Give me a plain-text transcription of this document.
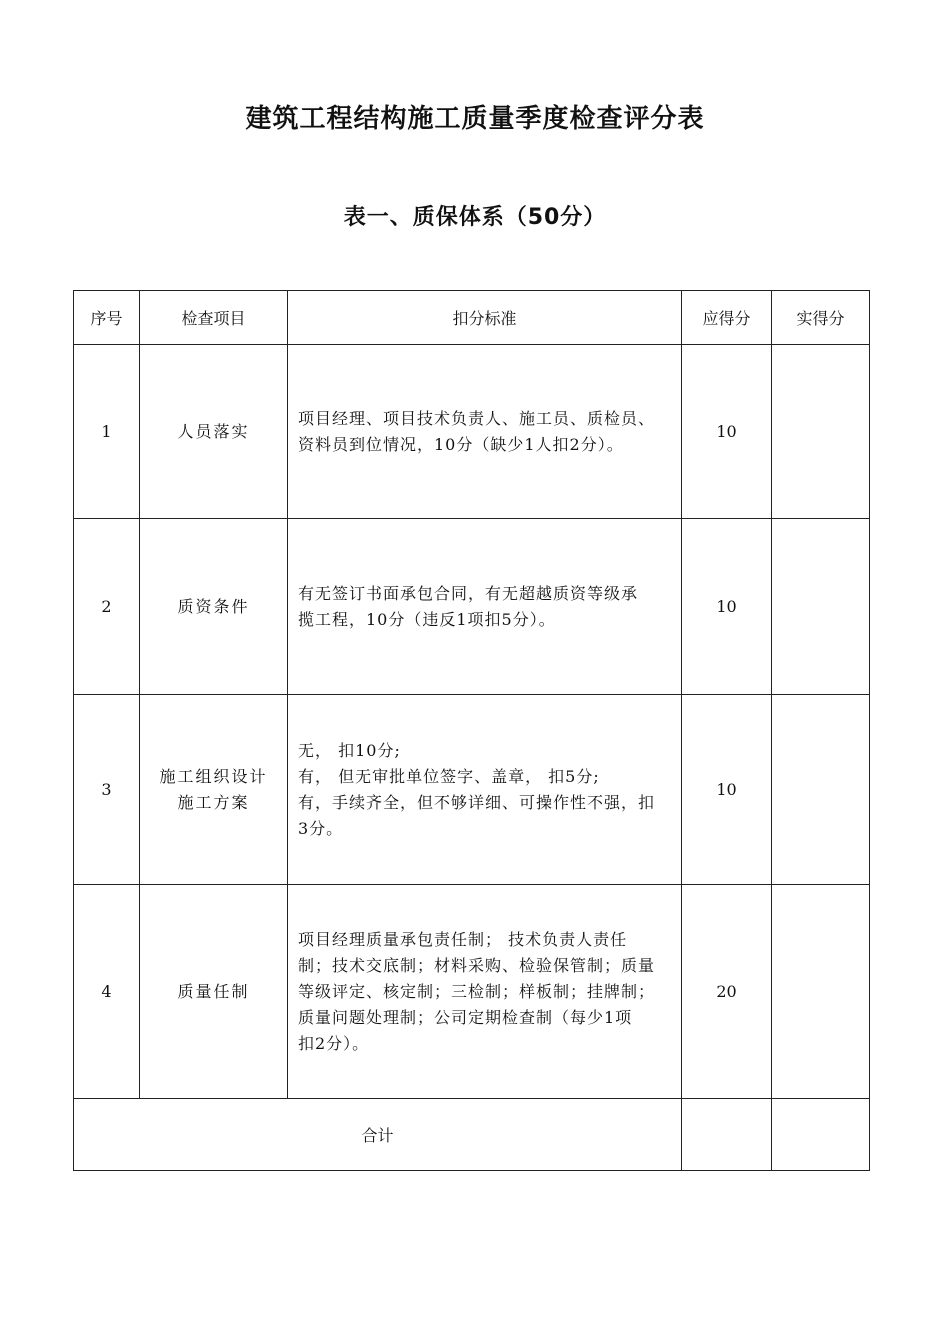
建筑工程结构施工质量季度检查评分表
表一、质保体系（50分）
序号	检查项目	扣分标准	应得分	实得分
1	人员落实	项目经理、项目技术负责人、施工员、质检员、
资料员到位情况，10分（缺少1人扣2分）。	10	
2	质资条件	有无签订书面承包合同，有无超越质资等级承
揽工程，10分（违反1项扣5分）。	10	
3	施工组织设计
施工方案	无， 扣10分;
有， 但无审批单位签字、盖章， 扣5分;
有，手续齐全，但不够详细、可操作性不强，扣
3分。	10	
4	质量任制	项目经理质量承包责任制； 技术负责人责任
制；技术交底制；材料采购、检验保管制；质量
等级评定、核定制；三检制；样板制；挂牌制；
质量问题处理制；公司定期检查制（每少1项
扣2分）。	20	
合计				
